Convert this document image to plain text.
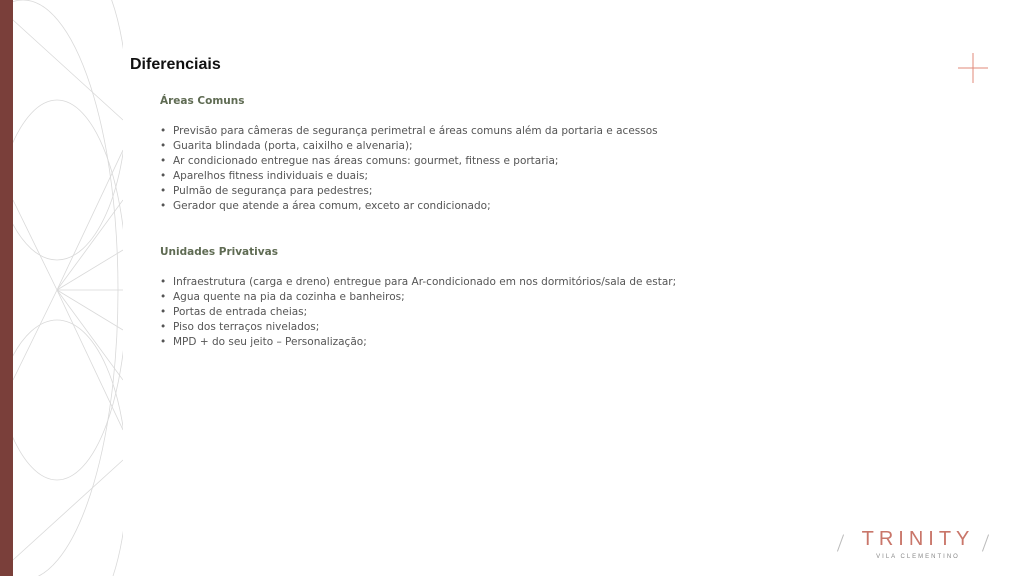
Diferenciais
Áreas Comuns
• Previsão para câmeras de segurança perimetral e áreas comuns além da portaria e acessos
• Guarita blindada (porta, caixilho e alvenaria);
• Ar condicionado entregue nas áreas comuns: gourmet, fitness e portaria;
• Aparelhos fitness individuais e duais;
• Pulmão de segurança para pedestres;
• Gerador que atende a área comum, exceto ar condicionado;
Unidades Privativas
• Infraestrutura (carga e dreno) entregue para Ar-condicionado em nos dormitórios/sala de estar;
• Agua quente na pia da cozinha e banheiros;
• Portas de entrada cheias;
• Piso dos terraços nivelados;
• MPD + do seu jeito – Personalização;
TRINITY
VILA CLEMENTINO
